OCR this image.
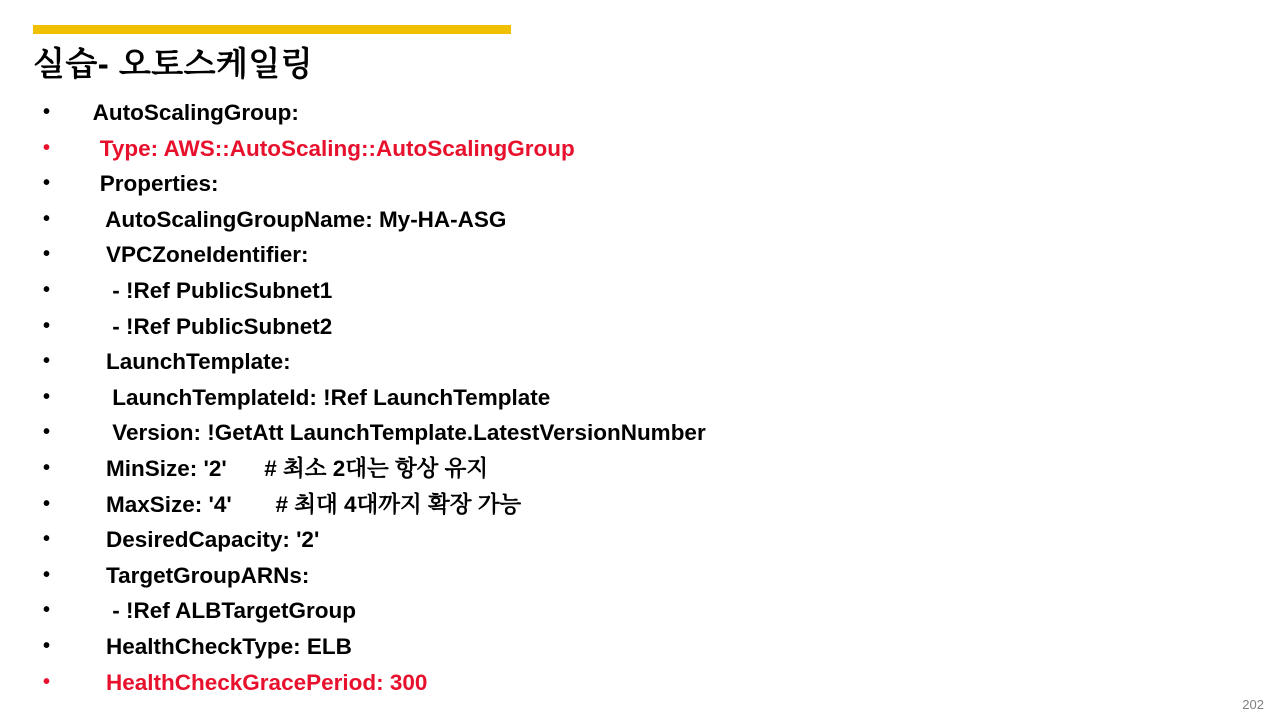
실습- 오토스케일링
• AutoScalingGroup:
• Type: AWS::AutoScaling::AutoScalingGroup
• Properties:
• AutoScalingGroupName: My-HA-ASG
• VPCZoneIdentifier:
• - !Ref PublicSubnet1
• - !Ref PublicSubnet2
• LaunchTemplate:
• LaunchTemplateId: !Ref LaunchTemplate
• Version: !GetAtt LaunchTemplate.LatestVersionNumber
• MinSize: '2'      # 최소 2대는 항상 유지
• MaxSize: '4'       # 최대 4대까지 확장 가능
• DesiredCapacity: '2'
• TargetGroupARNs:
• - !Ref ALBTargetGroup
• HealthCheckType: ELB
• HealthCheckGracePeriod: 300
202
